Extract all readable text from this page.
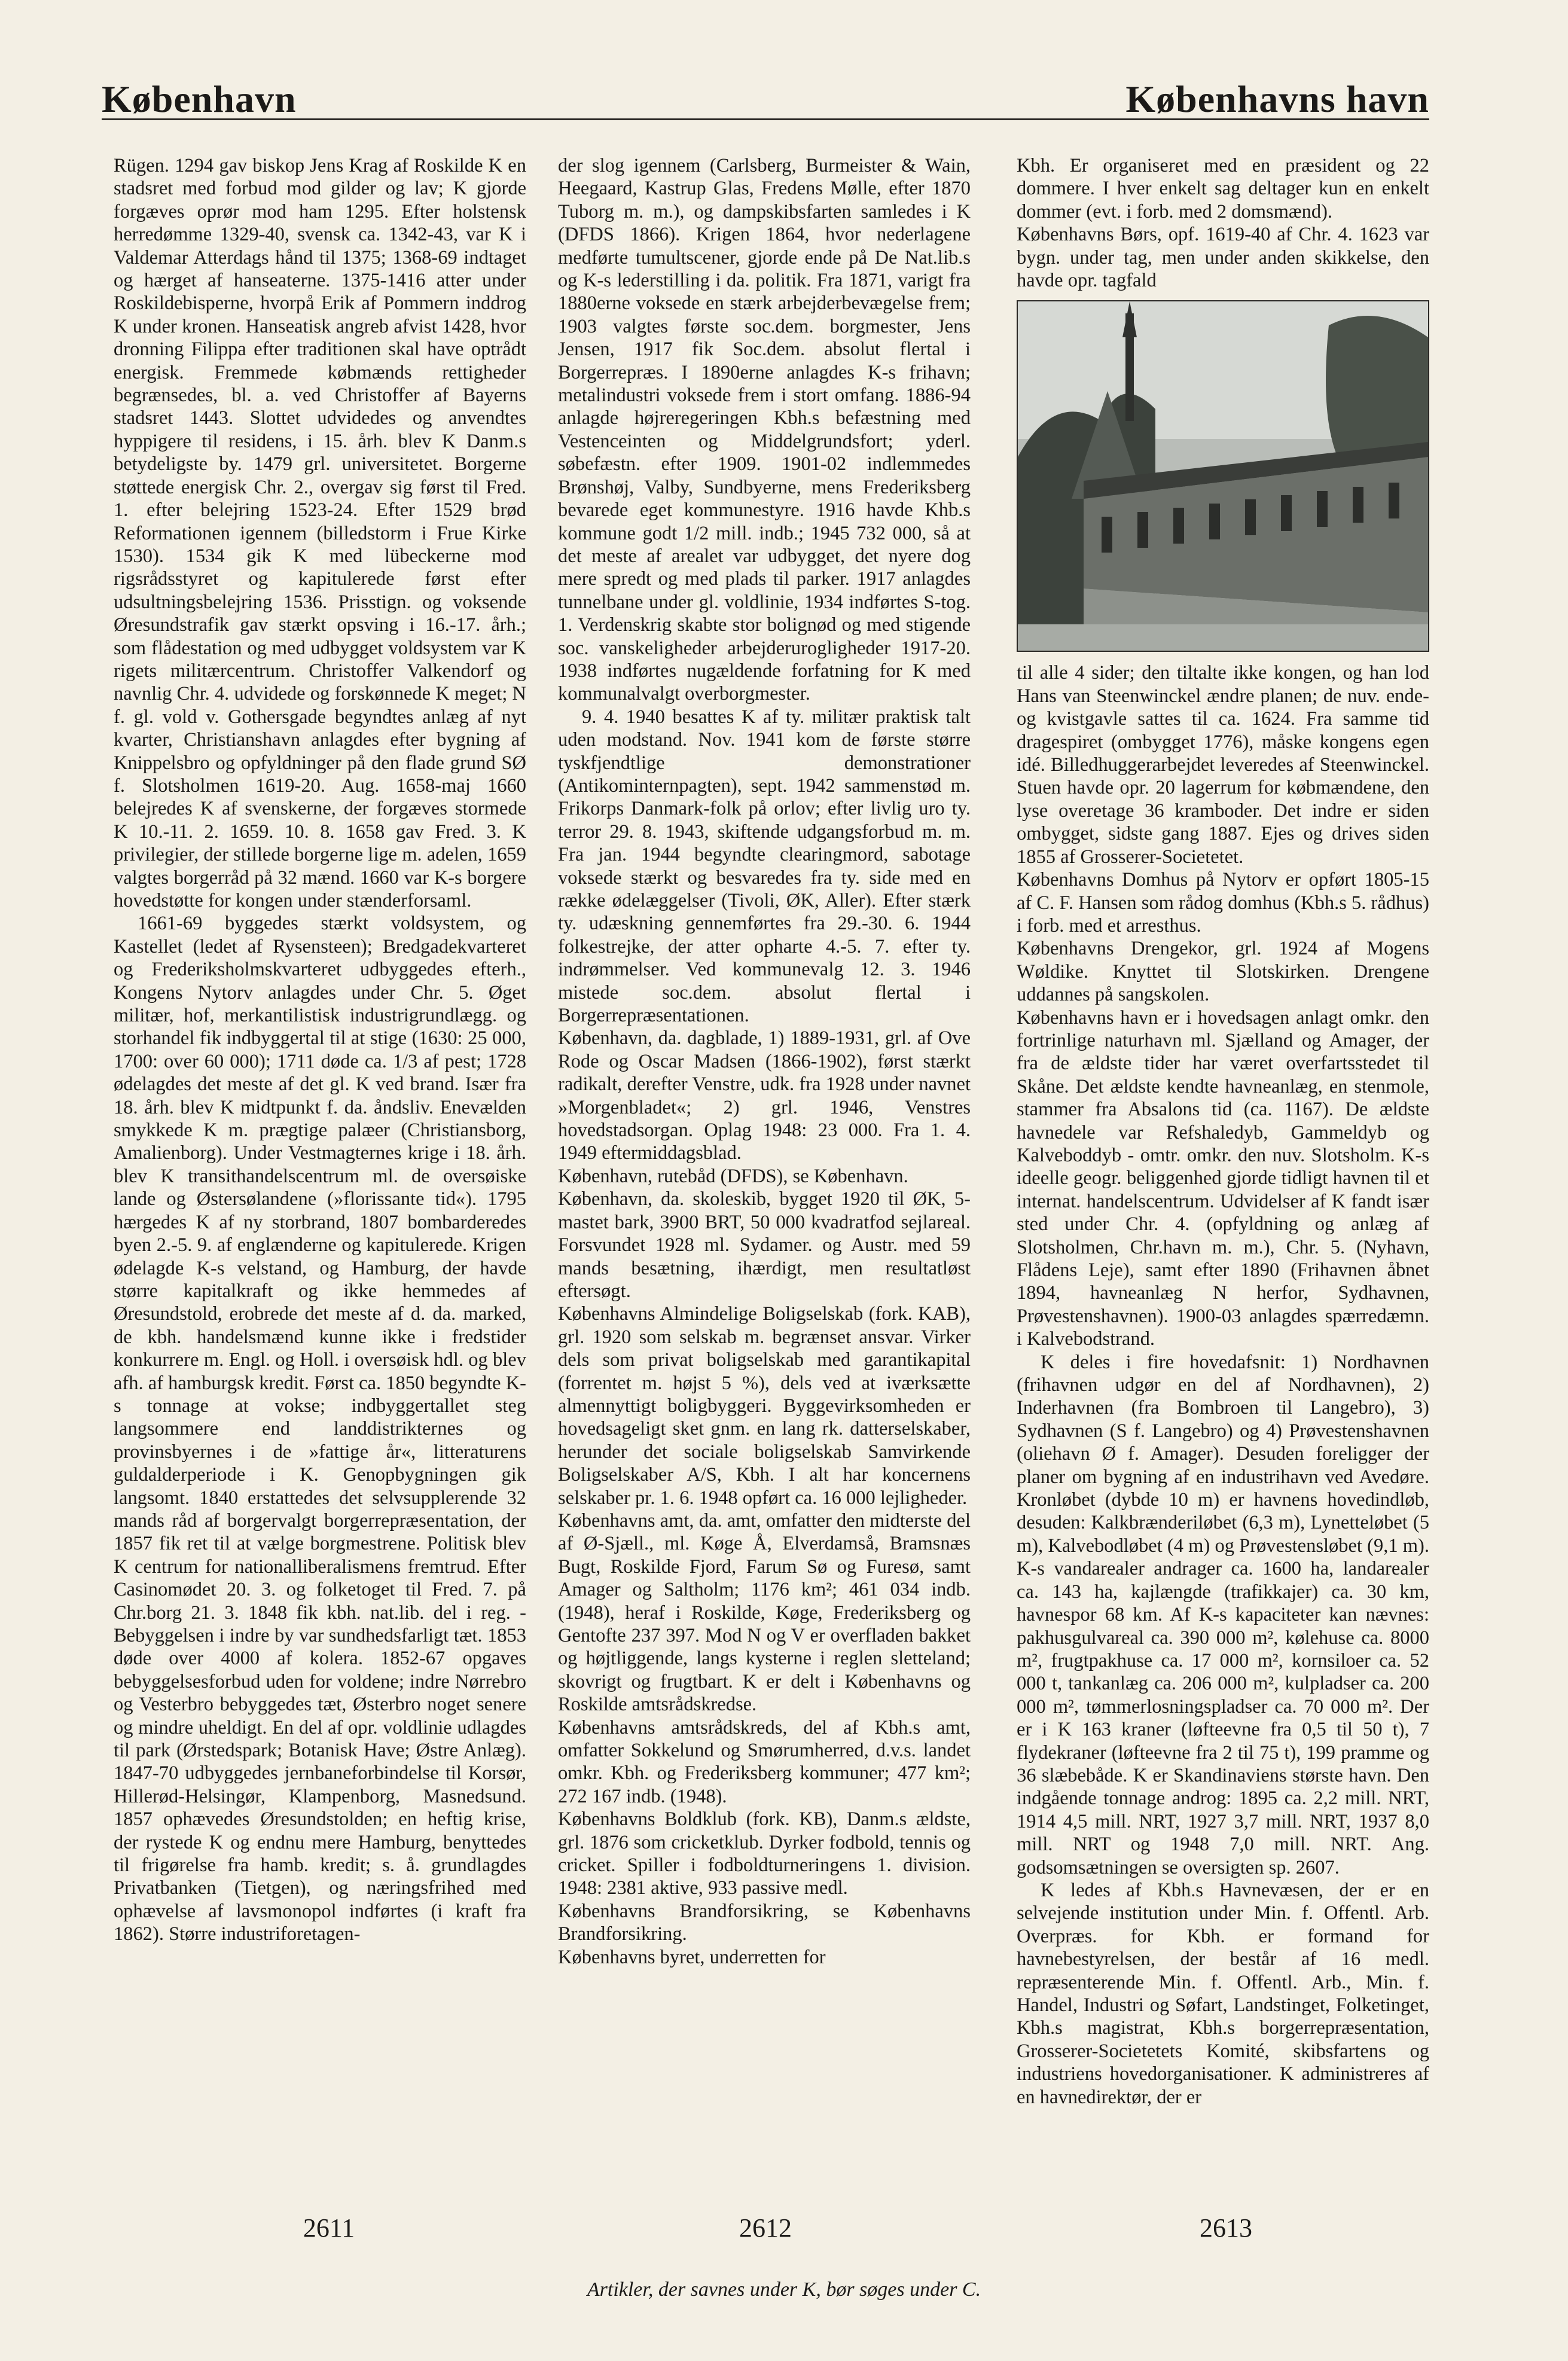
København	Københavns havn

Rügen. 1294 gav biskop Jens Krag af Roskilde K en stadsret med forbud mod gilder og lav; K gjorde forgæves oprør mod ham 1295. Efter holstensk herredømme 1329-40, svensk ca. 1342-43, var K i Valdemar Atterdags hånd til 1375; 1368-69 indtaget og hærget af hanseaterne. 1375-1416 atter under Roskildebisperne, hvorpå Erik af Pommern inddrog K under kronen. Hanseatisk angreb afvist 1428, hvor dronning Filippa efter traditionen skal have optrådt energisk. Fremmede købmænds rettigheder begrænsedes, bl. a. ved Christoffer af Bayerns stadsret 1443. Slottet udvidedes og anvendtes hyppigere til residens, i 15. årh. blev K Danm.s betydeligste by. 1479 grl. universitetet. Borgerne støttede energisk Chr. 2., overgav sig først til Fred. 1. efter belejring 1523-24. Efter 1529 brød Reformationen igennem (billedstorm i Frue Kirke 1530). 1534 gik K med lübeckerne mod rigsrådsstyret og kapitulerede først efter udsultningsbelejring 1536. Prisstign. og voksende Øresundstrafik gav stærkt opsving i 16.-17. årh.; som flådestation og med udbygget voldsystem var K rigets militærcentrum. Christoffer Valkendorf og navnlig Chr. 4. udvidede og forskønnede K meget; N f. gl. vold v. Gothersgade begyndtes anlæg af nyt kvarter, Christianshavn anlagdes efter bygning af Knippelsbro og opfyldninger på den flade grund SØ f. Slotsholmen 1619-20. Aug. 1658-maj 1660 belejredes K af svenskerne, der forgæves stormede K 10.-11. 2. 1659. 10. 8. 1658 gav Fred. 3. K privilegier, der stillede borgerne lige m. adelen, 1659 valgtes borgerråd på 32 mænd. 1660 var K-s borgere hovedstøtte for kongen under stænderforsaml.

1661-69 byggedes stærkt voldsystem, og Kastellet (ledet af Rysensteen); Bredgadekvarteret og Frederiksholmskvarteret udbyggedes efterh., Kongens Nytorv anlagdes under Chr. 5. Øget militær, hof, merkantilistisk industrigrundlægg. og storhandel fik indbyggertal til at stige (1630: 25 000, 1700: over 60 000); 1711 døde ca. 1/3 af pest; 1728 ødelagdes det meste af det gl. K ved brand. Især fra 18. årh. blev K midtpunkt f. da. åndsliv. Enevælden smykkede K m. prægtige palæer (Christiansborg, Amalienborg). Under Vestmagternes krige i 18. årh. blev K transithandelscentrum ml. de oversøiske lande og Østersølandene (»florissante tid«). 1795 hærgedes K af ny storbrand, 1807 bombarderedes byen 2.-5. 9. af englænderne og kapitulerede. Krigen ødelagde K-s velstand, og Hamburg, der havde større kapitalkraft og ikke hemmedes af Øresundstold, erobrede det meste af d. da. marked, de kbh. handelsmænd kunne ikke i fredstider konkurrere m. Engl. og Holl. i oversøisk hdl. og blev afh. af hamburgsk kredit. Først ca. 1850 begyndte K-s tonnage at vokse; indbyggertallet steg langsommere end landdistrikternes og provinsbyernes i de »fattige år«, litteraturens guldalderperiode i K. Genopbygningen gik langsomt. 1840 erstattedes det selvsupplerende 32 mands råd af borgervalgt borgerrepræsentation, der 1857 fik ret til at vælge borgmestrene. Politisk blev K centrum for nationalliberalismens fremtrud. Efter Casinomødet 20. 3. og folketoget til Fred. 7. på Chr.borg 21. 3. 1848 fik kbh. nat.lib. del i reg. - Bebyggelsen i indre by var sundhedsfarligt tæt. 1853 døde over 4000 af kolera. 1852-67 opgaves bebyggelsesforbud uden for voldene; indre Nørrebro og Vesterbro bebyggedes tæt, Østerbro noget senere og mindre uheldigt. En del af opr. voldlinie udlagdes til park (Ørstedspark; Botanisk Have; Østre Anlæg). 1847-70 udbyggedes jernbaneforbindelse til Korsør, Hillerød-Helsingør, Klampenborg, Masnedsund. 1857 ophævedes Øresundstolden; en heftig krise, der rystede K og endnu mere Hamburg, benyttedes til frigørelse fra hamb. kredit; s. å. grundlagdes Privatbanken (Tietgen), og næringsfrihed med ophævelse af lavsmonopol indførtes (i kraft fra 1862). Større industriforetagen-

der slog igennem (Carlsberg, Burmeister & Wain, Heegaard, Kastrup Glas, Fredens Mølle, efter 1870 Tuborg m. m.), og dampskibsfarten samledes i K (DFDS 1866). Krigen 1864, hvor nederlagene medførte tumultscener, gjorde ende på De Nat.lib.s og K-s lederstilling i da. politik. Fra 1871, varigt fra 1880erne voksede en stærk arbejderbevægelse frem; 1903 valgtes første soc.dem. borgmester, Jens Jensen, 1917 fik Soc.dem. absolut flertal i Borgerrepræs. I 1890erne anlagdes K-s frihavn; metalindustri voksede frem i stort omfang. 1886-94 anlagde højreregeringen Kbh.s befæstning med Vestenceinten og Middelgrundsfort; yderl. søbefæstn. efter 1909. 1901-02 indlemmedes Brønshøj, Valby, Sundbyerne, mens Frederiksberg bevarede eget kommunestyre. 1916 havde Khb.s kommune godt 1/2 mill. indb.; 1945 732 000, så at det meste af arealet var udbygget, det nyere dog mere spredt og med plads til parker. 1917 anlagdes tunnelbane under gl. voldlinie, 1934 indførtes S-tog. 1. Verdenskrig skabte stor bolignød og med stigende soc. vanskeligheder arbejderurogligheder 1917-20. 1938 indførtes nugældende forfatning for K med kommunalvalgt overborgmester.

9. 4. 1940 besattes K af ty. militær praktisk talt uden modstand. Nov. 1941 kom de første større tyskfjendtlige demonstrationer (Antikominternpagten), sept. 1942 sammenstød m. Frikorps Danmark-folk på orlov; efter livlig uro ty. terror 29. 8. 1943, skiftende udgangsforbud m. m. Fra jan. 1944 begyndte clearingmord, sabotage voksede stærkt og besvaredes fra ty. side med en række ødelæggelser (Tivoli, ØK, Aller). Efter stærk ty. udæskning gennemførtes fra 29.-30. 6. 1944 folkestrejke, der atter opharte 4.-5. 7. efter ty. indrømmelser. Ved kommunevalg 12. 3. 1946 mistede soc.dem. absolut flertal i Borgerrepræsentationen.

København, da. dagblade, 1) 1889-1931, grl. af Ove Rode og Oscar Madsen (1866-1902), først stærkt radikalt, derefter Venstre, udk. fra 1928 under navnet »Morgenbladet«; 2) grl. 1946, Venstres hovedstadsorgan. Oplag 1948: 23 000. Fra 1. 4. 1949 eftermiddagsblad.

København, rutebåd (DFDS), se København.

København, da. skoleskib, bygget 1920 til ØK, 5-mastet bark, 3900 BRT, 50 000 kvadratfod sejlareal. Forsvundet 1928 ml. Sydamer. og Austr. med 59 mands besætning, ihærdigt, men resultatløst eftersøgt.

Københavns Almindelige Boligselskab (fork. KAB), grl. 1920 som selskab m. begrænset ansvar. Virker dels som privat boligselskab med garantikapital (forrentet m. højst 5 %), dels ved at iværksætte almennyttigt boligbyggeri. Byggevirksomheden er hovedsageligt sket gnm. en lang rk. datterselskaber, herunder det sociale boligselskab Samvirkende Boligselskaber A/S, Kbh. I alt har koncernens selskaber pr. 1. 6. 1948 opført ca. 16 000 lejligheder.

Københavns amt, da. amt, omfatter den midterste del af Ø-Sjæll., ml. Køge Å, Elverdamså, Bramsnæs Bugt, Roskilde Fjord, Farum Sø og Furesø, samt Amager og Saltholm; 1176 km²; 461 034 indb. (1948), heraf i Roskilde, Køge, Frederiksberg og Gentofte 237 397. Mod N og V er overfladen bakket og højtliggende, langs kysterne i reglen sletteland; skovrigt og frugtbart. K er delt i Københavns og Roskilde amtsrådskredse.

Københavns amtsrådskreds, del af Kbh.s amt, omfatter Sokkelund og Smørumherred, d.v.s. landet omkr. Kbh. og Frederiksberg kommuner; 477 km²; 272 167 indb. (1948).

Københavns Boldklub (fork. KB), Danm.s ældste, grl. 1876 som cricketklub. Dyrker fodbold, tennis og cricket. Spiller i fodboldturneringens 1. division. 1948: 2381 aktive, 933 passive medl.

Københavns Brandforsikring, se Københavns Brandforsikring.

Københavns byret, underretten for

Kbh. Er organiseret med en præsident og 22 dommere. I hver enkelt sag deltager kun en enkelt dommer (evt. i forb. med 2 domsmænd).

Københavns Børs, opf. 1619-40 af Chr. 4. 1623 var bygn. under tag, men under anden skikkelse, den havde opr. tagfald

til alle 4 sider; den tiltalte ikke kongen, og han lod Hans van Steenwinckel ændre planen; de nuv. ende- og kvistgavle sattes til ca. 1624. Fra samme tid dragespiret (ombygget 1776), måske kongens egen idé. Billedhuggerarbejdet leveredes af Steenwinckel. Stuen havde opr. 20 lagerrum for købmændene, den lyse overetage 36 kramboder. Det indre er siden ombygget, sidste gang 1887. Ejes og drives siden 1855 af Grosserer-Societetet.

Københavns Domhus på Nytorv er opført 1805-15 af C. F. Hansen som rådog domhus (Kbh.s 5. rådhus) i forb. med et arresthus.

Københavns Drengekor, grl. 1924 af Mogens Wøldike. Knyttet til Slotskirken. Drengene uddannes på sangskolen.

Københavns havn er i hovedsagen anlagt omkr. den fortrinlige naturhavn ml. Sjælland og Amager, der fra de ældste tider har været overfartsstedet til Skåne. Det ældste kendte havneanlæg, en stenmole, stammer fra Absalons tid (ca. 1167). De ældste havnedele var Refshaledyb, Gammeldyb og Kalveboddyb - omtr. omkr. den nuv. Slotsholm. K-s ideelle geogr. beliggenhed gjorde tidligt havnen til et internat. handelscentrum. Udvidelser af K fandt især sted under Chr. 4. (opfyldning og anlæg af Slotsholmen, Chr.havn m. m.), Chr. 5. (Nyhavn, Flådens Leje), samt efter 1890 (Frihavnen åbnet 1894, havneanlæg N herfor, Sydhavnen, Prøvestenshavnen). 1900-03 anlagdes spærredæmn. i Kalvebodstrand.

K deles i fire hovedafsnit: 1) Nordhavnen (frihavnen udgør en del af Nordhavnen), 2) Inderhavnen (fra Bombroen til Langebro), 3) Sydhavnen (S f. Langebro) og 4) Prøvestenshavnen (oliehavn Ø f. Amager). Desuden foreligger der planer om bygning af en industrihavn ved Avedøre. Kronløbet (dybde 10 m) er havnens hovedindløb, desuden: Kalkbrænderiløbet (6,3 m), Lynetteløbet (5 m), Kalvebodløbet (4 m) og Prøvestensløbet (9,1 m). K-s vandarealer andrager ca. 1600 ha, landarealer ca. 143 ha, kajlængde (trafikkajer) ca. 30 km, havnespor 68 km. Af K-s kapaciteter kan nævnes: pakhusgulvareal ca. 390 000 m², kølehuse ca. 8000 m², frugtpakhuse ca. 17 000 m², kornsiloer ca. 52 000 t, tankanlæg ca. 206 000 m², kulpladser ca. 200 000 m², tømmerlosningspladser ca. 70 000 m². Der er i K 163 kraner (løfteevne fra 0,5 til 50 t), 7 flydekraner (løfteevne fra 2 til 75 t), 199 pramme og 36 slæbebåde. K er Skandinaviens største havn. Den indgående tonnage androg: 1895 ca. 2,2 mill. NRT, 1914 4,5 mill. NRT, 1927 3,7 mill. NRT, 1937 8,0 mill. NRT og 1948 7,0 mill. NRT. Ang. godsomsætningen se oversigten sp. 2607.

K ledes af Kbh.s Havnevæsen, der er en selvejende institution under Min. f. Offentl. Arb. Overpræs. for Kbh. er formand for havnebestyrelsen, der består af 16 medl. repræsenterende Min. f. Offentl. Arb., Min. f. Handel, Industri og Søfart, Landstinget, Folketinget, Kbh.s magistrat, Kbh.s borgerrepræsentation, Grosserer-Societetets Komité, skibsfartens og industriens hovedorganisationer. K administreres af en havnedirektør, der er

2611	2612	2613
Artikler, der savnes under K, bør søges under C.
